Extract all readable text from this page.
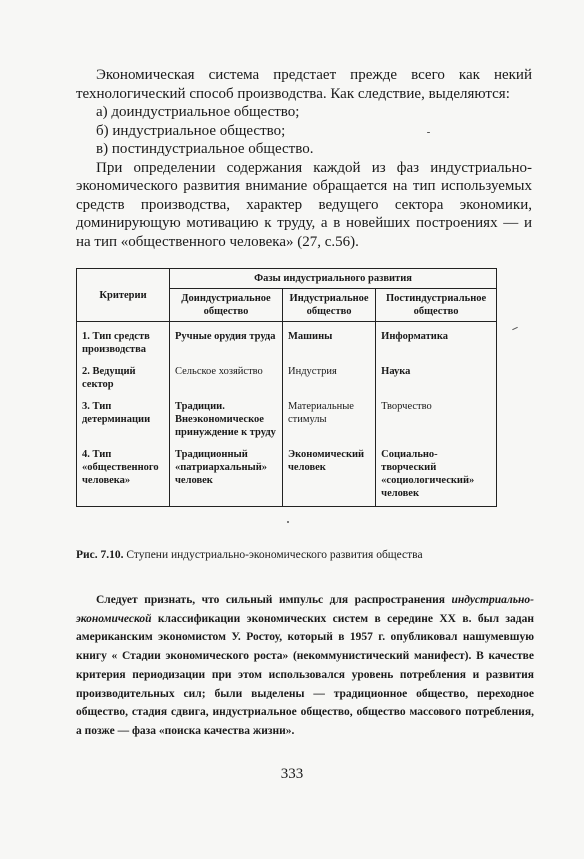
Экономическая система предстает прежде всего как некий технологический способ производства. Как следствие, выделяются:

а) доиндустриальное общество;
б) индустриальное общество;
в) постиндустриальное общество.

При определении содержания каждой из фаз индустриально-экономического развития внимание обращается на тип используемых средств производства, характер ведущего сектора экономики, доминирующую мотивацию к труду, а в новейших построениях — и на тип «общественного человека» (27, с.56).

Критерии	Фазы индустриального развития		
	Доиндустриальное общество	Индустриальное общество	Постиндустриальное общество
1. Тип средств производства	Ручные орудия труда	Машины	Информатика
2. Ведущий сектор	Сельское хозяйство	Индустрия	Наука
3. Тип детерминации	Традиции. Внеэкономическое принуждение к труду	Материальные стимулы	Творчество
4. Тип «общественного человека»	Традиционный «патриархальный» человек	Экономический человек	Социально-творческий «социологический» человек
Рис. 7.10. Ступени индустриально-экономического развития общества

Следует признать, что сильный импульс для распространения индустриально-экономической классификации экономических систем в середине XX в. был задан американским экономистом У. Ростоу, который в 1957 г. опубликовал нашумевшую книгу « Стадии экономического роста» (некоммунистический манифест). В качестве критерия периодизации при этом использовался уровень потребления и развития производительных сил; были выделены — традиционное общество, переходное общество, стадия сдвига, индустриальное общество, общество массового потребления, а позже — фаза «поиска качества жизни».

333
